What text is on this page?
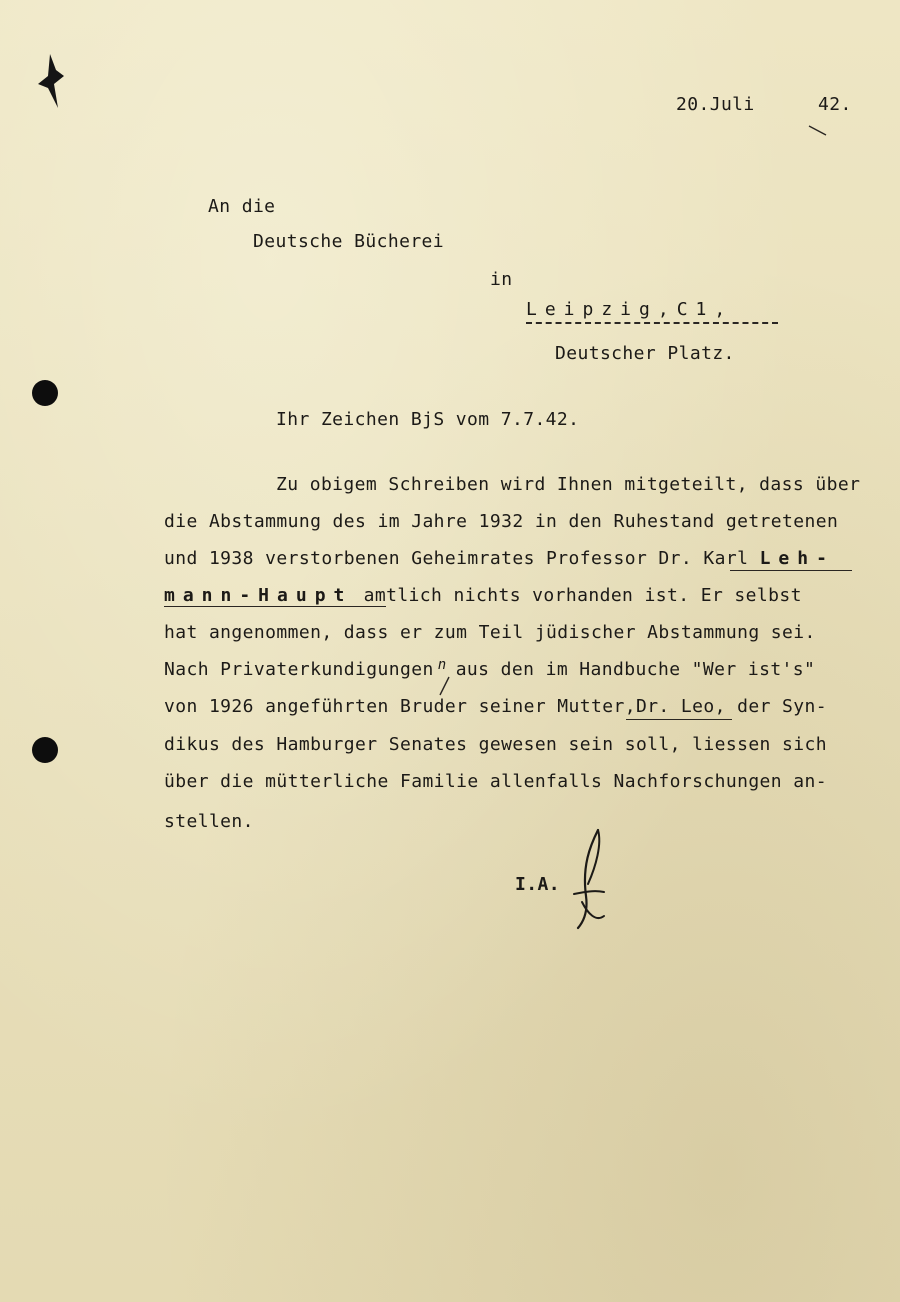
20.Juli	42.
An die
Deutsche Bücherei
in
Leipzig,C1,
Deutscher Platz.
Ihr Zeichen BjS vom 7.7.42.
Zu obigem Schreiben wird Ihnen mitgeteilt, dass über
die Abstammung des im Jahre 1932 in den Ruhestand getretenen
und 1938 verstorbenen Geheimrates Professor Dr. Karl Leh-
mann-Haupt amtlich nichts vorhanden ist. Er selbst
hat angenommen, dass er zum Teil jüdischer Abstammung sei.
Nach Privaterkundigungen n aus den im Handbuche "Wer ist's"
von 1926 angeführten Bruder seiner Mutter,Dr. Leo, der Syn-
dikus des Hamburger Senates gewesen sein soll, liessen sich
über die mütterliche Familie allenfalls Nachforschungen an-
stellen.
I.A.
